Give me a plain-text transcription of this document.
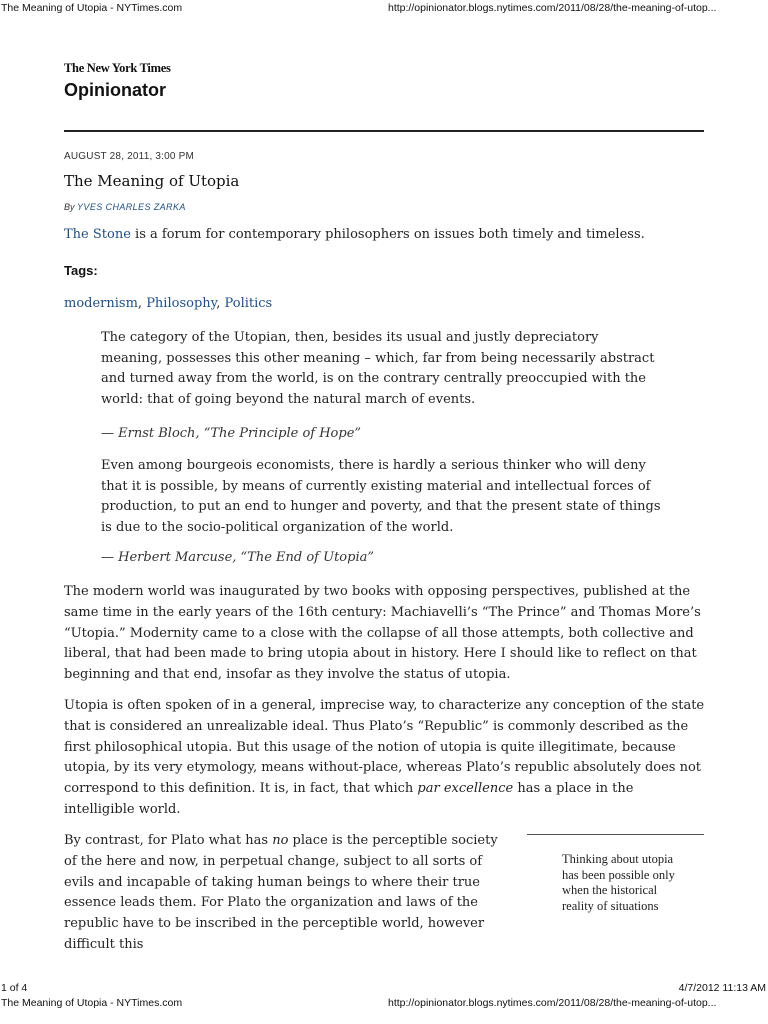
The Meaning of Utopia - NYTimes.com	http://opinionator.blogs.nytimes.com/2011/08/28/the-meaning-of-utop...
The New York Times
Opinionator
AUGUST 28, 2011, 3:00 PM
The Meaning of Utopia
By YVES CHARLES ZARKA
The Stone is a forum for contemporary philosophers on issues both timely and timeless.
Tags:
modernism, Philosophy, Politics

The category of the Utopian, then, besides its usual and justly depreciatory meaning, possesses this other meaning – which, far from being necessarily abstract and turned away from the world, is on the contrary centrally preoccupied with the world: that of going beyond the natural march of events.

— Ernst Bloch, “The Principle of Hope”

Even among bourgeois economists, there is hardly a serious thinker who will deny that it is possible, by means of currently existing material and intellectual forces of production, to put an end to hunger and poverty, and that the present state of things is due to the socio-political organization of the world.

— Herbert Marcuse, “The End of Utopia”

The modern world was inaugurated by two books with opposing perspectives, published at the same time in the early years of the 16th century: Machiavelli’s “The Prince” and Thomas More’s “Utopia.” Modernity came to a close with the collapse of all those attempts, both collective and liberal, that had been made to bring utopia about in history. Here I should like to reflect on that beginning and that end, insofar as they involve the status of utopia.

Utopia is often spoken of in a general, imprecise way, to characterize any conception of the state that is considered an unrealizable ideal. Thus Plato’s “Republic” is commonly described as the first philosophical utopia. But this usage of the notion of utopia is quite illegitimate, because utopia, by its very etymology, means without-place, whereas Plato’s republic absolutely does not correspond to this definition. It is, in fact, that which par excellence has a place in the intelligible world.

By contrast, for Plato what has no place is the perceptible society of the here and now, in perpetual change, subject to all sorts of evils and incapable of taking human beings to where their true essence leads them. For Plato the organization and laws of the republic have to be inscribed in the perceptible world, however difficult this

Thinking about utopia has been possible only when the historical reality of situations
1 of 4	4/7/2012 11:13 AM
The Meaning of Utopia - NYTimes.com	http://opinionator.blogs.nytimes.com/2011/08/28/the-meaning-of-utop...
